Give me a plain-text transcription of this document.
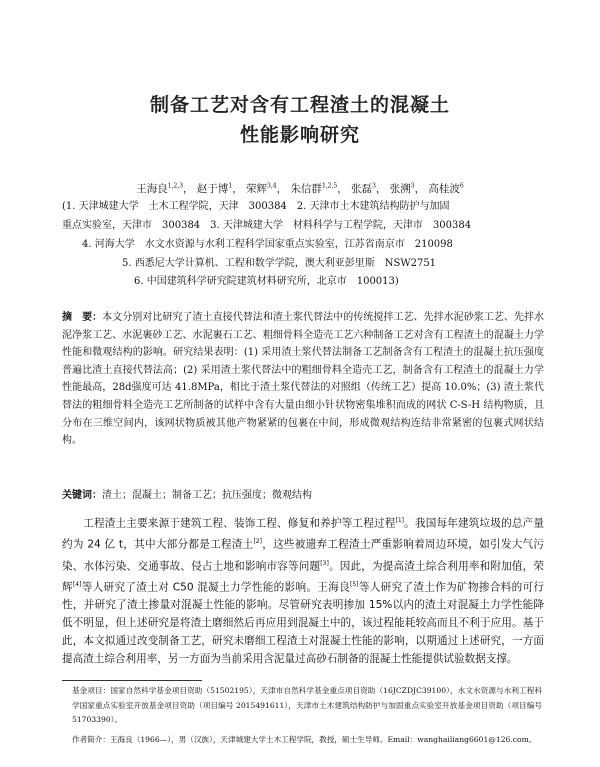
制备工艺对含有工程渣土的混凝土
性能影响研究
王海良$^{1,2,3}$， 赵于博$^1$， 荣辉$^{3,4}$， 朱信群$^{1,2,5}$， 张磊$^3$， 张溯$^3$， 高桂波$^6$
(1. 天津城建大学　土木工程学院，天津　300384　2. 天津市土木建筑结构防护与加固
重点实验室，天津市　300384　3. 天津城建大学　材料科学与工程学院，天津市　300384
4. 河海大学　水文水资源与水利工程科学国家重点实验室，江苏省南京市　210098
5. 西悉尼大学计算机、工程和数学学院，澳大利亚彭里斯　NSW2751
6. 中国建筑科学研究院建筑材料研究所，北京市　100013)
摘　要：本文分别对比研究了渣土直接代替法和渣土浆代替法中的传统搅拌工艺、先拌水泥砂浆工艺、先拌水泥净浆工艺、水泥裹砂工艺、水泥裹石工艺、粗细骨料全造壳工艺六种制备工艺对含有工程渣土的混凝土力学性能和微观结构的影响。研究结果表明：(1) 采用渣土浆代替法制备工艺制备含有工程渣土的混凝土抗压强度普遍比渣土直接代替法高；(2) 采用渣土浆代替法中的粗细骨料全造壳工艺，制备含有工程渣土的混凝土力学性能最高，28d强度可达 41.8MPa，相比于渣土浆代替法的对照组（传统工艺）提高 10.0%；(3) 渣土浆代替法的粗细骨料全造壳工艺所制备的试样中含有大量由细小针状物密集堆积而成的网状 C-S-H 结构物质，且分布在三维空间内，该网状物质被其他产物紧紧的包裹在中间，形成微观结构连结非常紧密的包裹式网状结构。
关键词：渣土；混凝土；制备工艺；抗压强度；微观结构
工程渣土主要来源于建筑工程、装饰工程、修复和养护等工程过程[1]。我国每年建筑垃圾的总产量约为 24 亿 t，其中大部分都是工程渣土[2]，这些被遗弃工程渣土严重影响着周边环境，如引发大气污染、水体污染、交通事故、侵占土地和影响市容等问题[3]。因此，为提高渣土综合利用率和附加值，荣辉[4]等人研究了渣土对 C50 混凝土力学性能的影响。王海良[5]等人研究了渣土作为矿物掺合料的可行性，并研究了渣土掺量对混凝土性能的影响。尽管研究表明掺加 15%以内的渣土对混凝土力学性能降低不明显，但上述研究是将渣土磨细然后再应用到混凝土中的，该过程能耗较高而且不利于应用。基于此，本文拟通过改变制备工艺，研究未磨细工程渣土对混凝土性能的影响，以期通过上述研究，一方面提高渣土综合利用率，另一方面为当前采用含泥量过高砂石制备的混凝土性能提供试验数据支撑。
基金项目：国家自然科学基金项目资助（51502195），天津市自然科学基金重点项目资助（16JCZDJC39100），水文水资源与水利工程科学国家重点实验室开放基金项目资助（项目编号 2015491611），天津市土木建筑结构防护与加固重点实验室开放基金项目资助（项目编号 51703390）。
作者简介：王海良（1966—），男（汉族），天津城建大学土木工程学院，教授，硕士生导师。Email：wanghailiang6601@126.com。
